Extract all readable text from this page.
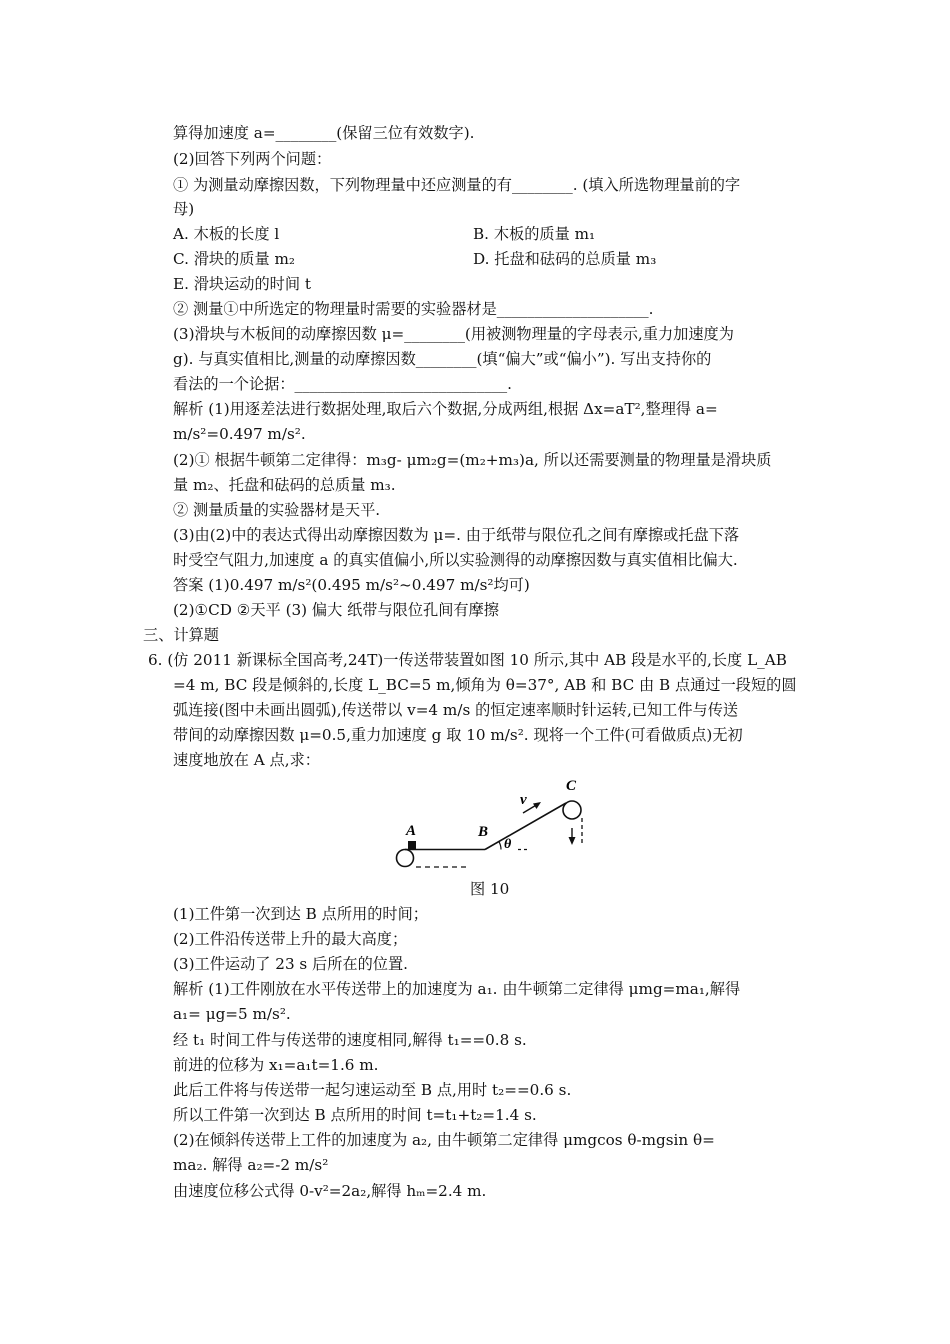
算得加速度 a=________(保留三位有效数字).
(2)回答下列两个问题：
① 为测量动摩擦因数，下列物理量中还应测量的有________. (填入所选物理量前的字
母)
A. 木板的长度 l	B. 木板的质量 m₁
C. 滑块的质量 m₂	D. 托盘和砝码的总质量 m₃
E. 滑块运动的时间 t
② 测量①中所选定的物理量时需要的实验器材是____________________.
(3)滑块与木板间的动摩擦因数 μ=________(用被测物理量的字母表示,重力加速度为
g). 与真实值相比,测量的动摩擦因数________(填“偏大”或“偏小”). 写出支持你的
看法的一个论据：____________________________.
解析 (1)用逐差法进行数据处理,取后六个数据,分成两组,根据 Δx=aT²,整理得 a=
m/s²=0.497 m/s².
(2)① 根据牛顿第二定律得：m₃g- μm₂g=(m₂+m₃)a, 所以还需要测量的物理量是滑块质
量 m₂、托盘和砝码的总质量 m₃.
② 测量质量的实验器材是天平.
(3)由(2)中的表达式得出动摩擦因数为 μ=. 由于纸带与限位孔之间有摩擦或托盘下落
时受空气阻力,加速度 a 的真实值偏小,所以实验测得的动摩擦因数与真实值相比偏大.
答案 (1)0.497 m/s²(0.495 m/s²~0.497 m/s²均可)
(2)①CD ②天平 (3) 偏大 纸带与限位孔间有摩擦
三、计算题
6. (仿 2011 新课标全国高考,24T)一传送带装置如图 10 所示,其中 AB 段是水平的,长度 L_AB
=4 m, BC 段是倾斜的,长度 L_BC=5 m,倾角为 θ=37°, AB 和 BC 由 B 点通过一段短的圆
弧连接(图中未画出圆弧),传送带以 v=4 m/s 的恒定速率顺时针运转,已知工件与传送
带间的动摩擦因数 μ=0.5,重力加速度 g 取 10 m/s². 现将一个工件(可看做质点)无初
速度地放在 A 点,求：
A	B
C
v
θ
图 10
(1)工件第一次到达 B 点所用的时间；
(2)工件沿传送带上升的最大高度；
(3)工件运动了 23 s 后所在的位置.
解析 (1)工件刚放在水平传送带上的加速度为 a₁. 由牛顿第二定律得 μmg=ma₁,解得
a₁= μg=5 m/s².
经 t₁ 时间工件与传送带的速度相同,解得 t₁==0.8 s.
前进的位移为 x₁=a₁t=1.6 m.
此后工件将与传送带一起匀速运动至 B 点,用时 t₂==0.6 s.
所以工件第一次到达 B 点所用的时间 t=t₁+t₂=1.4 s.
(2)在倾斜传送带上工件的加速度为 a₂, 由牛顿第二定律得 μmgcos θ-mgsin θ=
ma₂. 解得 a₂=-2 m/s²
由速度位移公式得 0-v²=2a₂,解得 hₘ=2.4 m.
